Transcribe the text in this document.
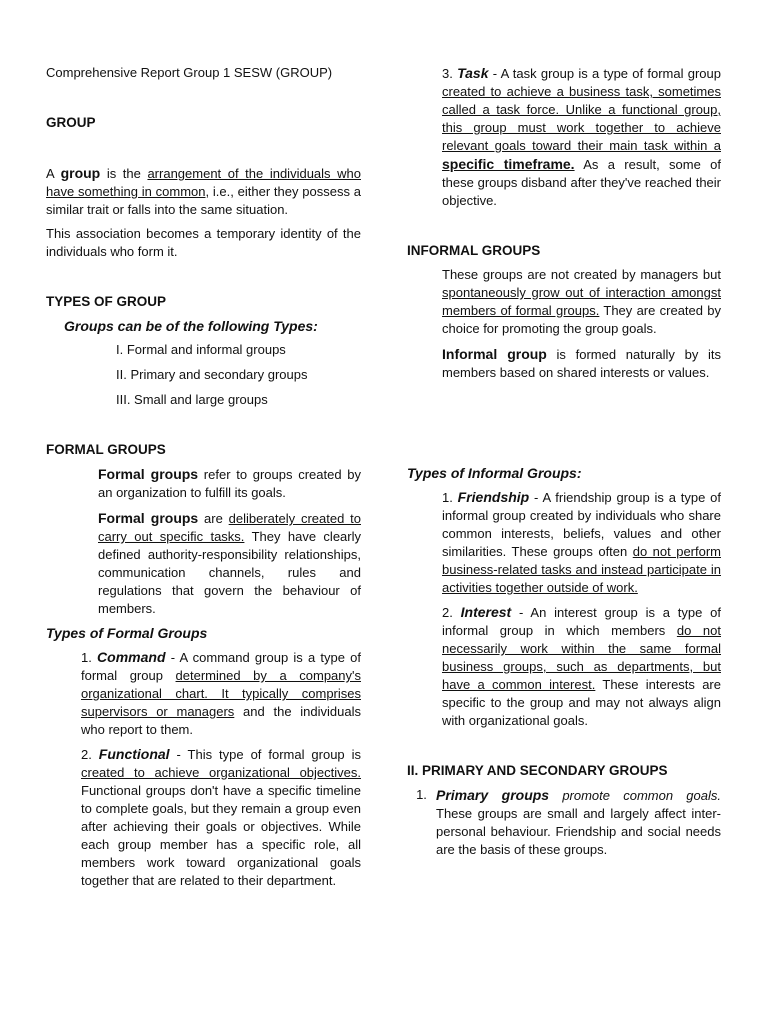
Comprehensive Report Group 1 SESW (GROUP)

GROUP

A group is the arrangement of the individuals who have something in common, i.e., either they possess a similar trait or falls into the same situation.

This association becomes a temporary identity of the individuals who form it.

TYPES OF GROUP

Groups can be of the following Types:

I. Formal and informal groups

II. Primary and secondary groups

III. Small and large groups

FORMAL GROUPS

Formal groups refer to groups created by an organization to fulfill its goals.

Formal groups are deliberately created to carry out specific tasks. They have clearly defined authority-responsibility relationships, communication channels, rules and regulations that govern the behaviour of members.

Types of Formal Groups

1. Command - A command group is a type of formal group determined by a company's organizational chart. It typically comprises supervisors or managers and the individuals who report to them.

2. Functional - This type of formal group is created to achieve organizational objectives. Functional groups don't have a specific timeline to complete goals, but they remain a group even after achieving their goals or objectives. While each group member has a specific role, all members work toward organizational goals together that are related to their department.

3. Task - A task group is a type of formal group created to achieve a business task, sometimes called a task force. Unlike a functional group, this group must work together to achieve relevant goals toward their main task within a specific timeframe. As a result, some of these groups disband after they've reached their objective.

INFORMAL GROUPS

These groups are not created by managers but spontaneously grow out of interaction amongst members of formal groups. They are created by choice for promoting the group goals.

Informal group is formed naturally by its members based on shared interests or values.

Types of Informal Groups:

1. Friendship - A friendship group is a type of informal group created by individuals who share common interests, beliefs, values and other similarities. These groups often do not perform business-related tasks and instead participate in activities together outside of work.

2. Interest - An interest group is a type of informal group in which members do not necessarily work within the same formal business groups, such as departments, but have a common interest. These interests are specific to the group and may not always align with organizational goals.

II. PRIMARY AND SECONDARY GROUPS

1. Primary groups promote common goals. These groups are small and largely affect inter-personal behaviour. Friendship and social needs are the basis of these groups.
